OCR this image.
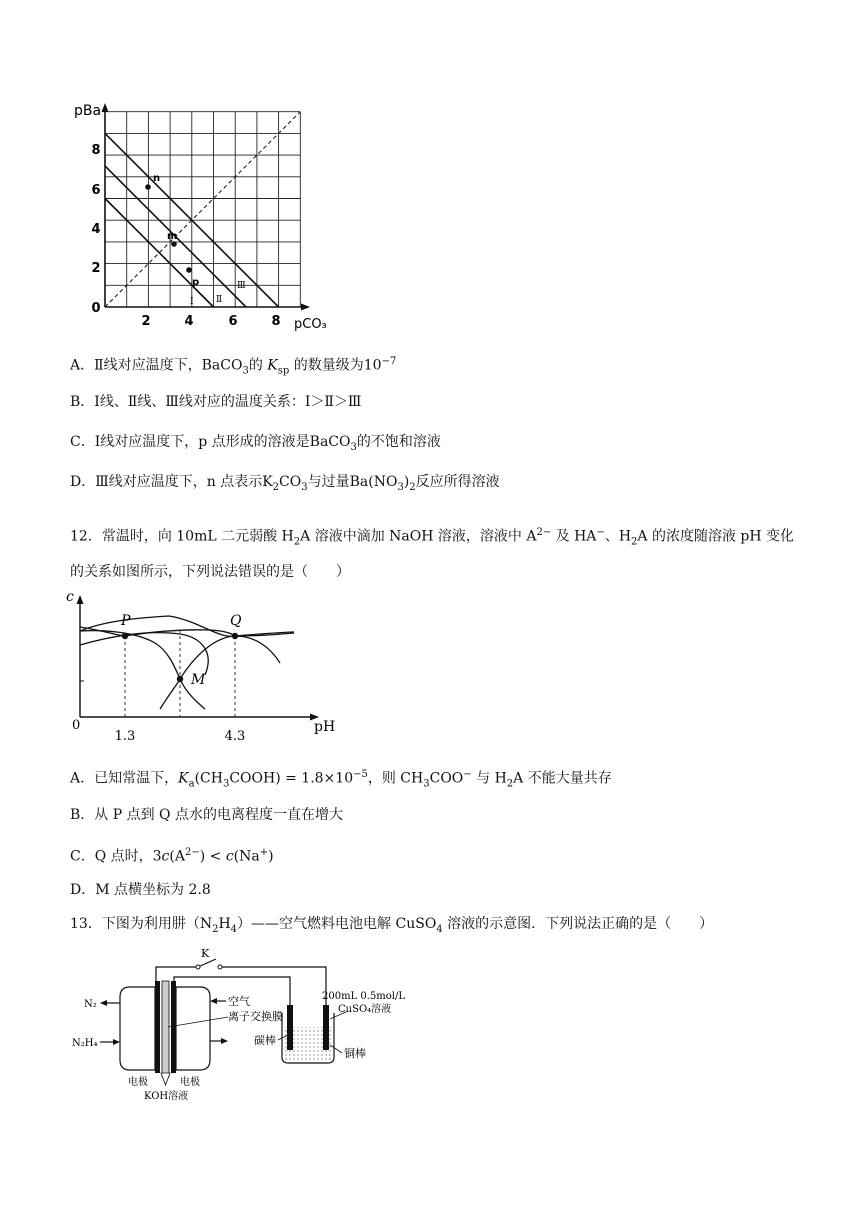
pBa
pCO₃
0
2
4
6
8
2	4	6	8
n
m
p
Ⅰ Ⅱ
Ⅲ
A．Ⅱ线对应温度下，BaCO$_3$的 $K_{sp}$ 的数量级为$10^{-7}$
B．Ⅰ线、Ⅱ线、Ⅲ线对应的温度关系：Ⅰ＞Ⅱ＞Ⅲ
C．Ⅰ线对应温度下，p 点形成的溶液是BaCO$_3$的不饱和溶液
D．Ⅲ线对应温度下，n 点表示$K_2CO_3$与过量$Ba(NO_3)_2$反应所得溶液
12．常温时，向 10mL 二元弱酸 $H_2A$ 溶液中滴加 NaOH 溶液，溶液中 $A^{2-}$ 及 HA−、$H_2A$ 的浓度随溶液 pH 变化的关系如图所示，下列说法错误的是（　　）
c
pH
0
P	Q
M
1.3	4.3
A．已知常温下，$K_a(CH_3COOH) = 1.8\times 10^{-5}$，则 $CH_3COO^-$ 与 $H_2A$ 不能大量共存
B．从 P 点到 Q 点水的电离程度一直在增大
C．Q 点时，$3c(A^{2-}) < c(Na^+)$
D．M 点横坐标为 2.8
13．下图为利用肼$(N_2H_4)——$空气燃料电池电解 CuSO$_4$ 溶液的示意图．下列说法正确的是（　　）
K
N₂
N₂H₄
空气
离子交换膜
电极	电极
KOH溶液
碳棒
铜棒
200mL 0.5mol/L
CuSO₄溶液
